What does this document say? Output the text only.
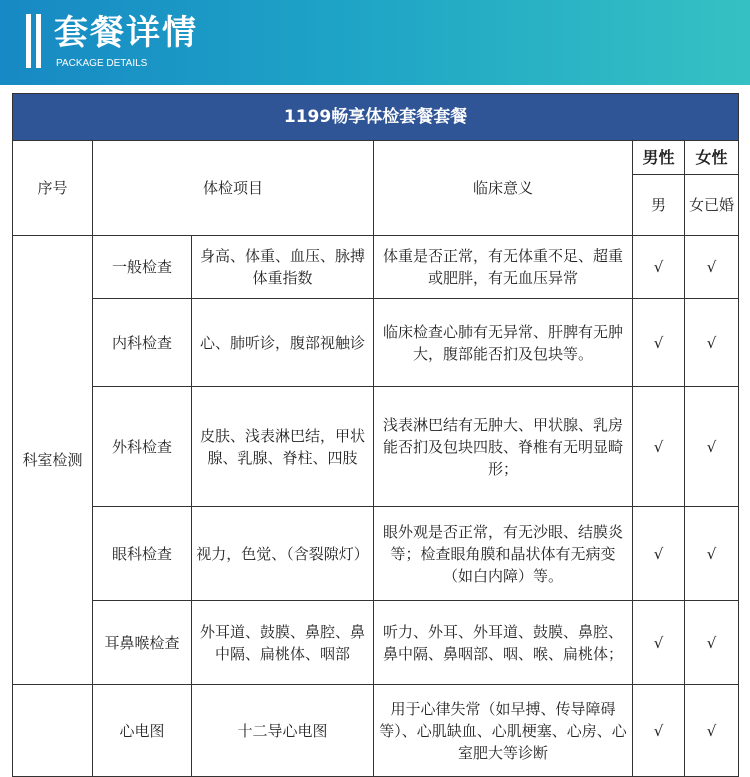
套餐详情
PACKAGE DETAILS
1199畅享体检套餐套餐					
序号	体检项目		临床意义	男性	女性
				男	女已婚
科室检测	一般检查	身高、体重、血压、脉搏体重指数	体重是否正常，有无体重不足、超重或肥胖，有无血压异常	√	√
	内科检查	心、肺听诊，腹部视触诊	临床检查心肺有无异常、肝脾有无肿大，腹部能否扪及包块等。	√	√
	外科检查	皮肤、浅表淋巴结，甲状腺、乳腺、脊柱、四肢	浅表淋巴结有无肿大、甲状腺、乳房能否扪及包块四肢、脊椎有无明显畸形；	√	√
	眼科检查	视力，色觉、（含裂隙灯）	眼外观是否正常，有无沙眼、结膜炎等；检查眼角膜和晶状体有无病变（如白内障）等。	√	√
	耳鼻喉检查	外耳道、鼓膜、鼻腔、鼻中隔、扁桃体、咽部	听力、外耳、外耳道、鼓膜、鼻腔、鼻中隔、鼻咽部、咽、喉、扁桃体；	√	√
	心电图	十二导心电图	用于心律失常（如早搏、传导障碍等）、心肌缺血、心肌梗塞、心房、心室肥大等诊断	√	√
